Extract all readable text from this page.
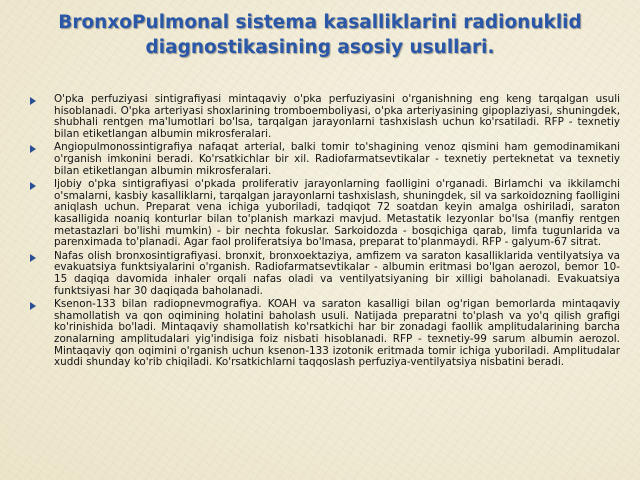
BronxoPulmonal sistema kasalliklarini radionuklid diagnostikasining asosiy usullari.
O'pka perfuziyasi sintigrafiyasi mintaqaviy o'pka perfuziyasini o'rganishning eng keng tarqalgan usuli hisoblanadi. O'pka arteriyasi shoxlarining tromboemboliyasi, o'pka arteriyasining gipoplaziyasi, shuningdek, shubhali rentgen ma'lumotlari bo'lsa, tarqalgan jarayonlarni tashxislash uchun ko'rsatiladi. RFP - texnetiy bilan etiketlangan albumin mikrosferalari.
Angiopulmonossintigrafiya nafaqat arterial, balki tomir to'shagining venoz qismini ham gemodinamikani o'rganish imkonini beradi. Ko'rsatkichlar bir xil. Radiofarmatsevtikalar - texnetiy perteknetat va texnetiy bilan etiketlangan albumin mikrosferalari.
Ijobiy o'pka sintigrafiyasi o'pkada proliferativ jarayonlarning faolligini o'rganadi. Birlamchi va ikkilamchi o'smalarni, kasbiy kasalliklarni, tarqalgan jarayonlarni tashxislash, shuningdek, sil va sarkoidozning faolligini aniqlash uchun. Preparat vena ichiga yuboriladi, tadqiqot 72 soatdan keyin amalga oshiriladi, saraton kasalligida noaniq konturlar bilan to'planish markazi mavjud. Metastatik lezyonlar bo'lsa (manfiy rentgen metastazlari bo'lishi mumkin) - bir nechta fokuslar. Sarkoidozda - bosqichiga qarab, limfa tugunlarida va parenximada to'planadi. Agar faol proliferatsiya bo'lmasa, preparat to'planmaydi. RFP - galyum-67 sitrat.
Nafas olish bronxosintigrafiyasi. bronxit, bronxoektaziya, amfizem va saraton kasalliklarida ventilyatsiya va evakuatsiya funktsiyalarini o'rganish. Radiofarmatsevtikalar - albumin eritmasi bo'lgan aerozol, bemor 10-15 daqiqa davomida inhaler orqali nafas oladi va ventilyatsiyaning bir xilligi baholanadi. Evakuatsiya funktsiyasi har 30 daqiqada baholanadi.
Ksenon-133 bilan radiopnevmografiya. KOAH va saraton kasalligi bilan og'rigan bemorlarda mintaqaviy shamollatish va qon oqimining holatini baholash usuli. Natijada preparatni to'plash va yo'q qilish grafigi ko'rinishida bo'ladi. Mintaqaviy shamollatish ko'rsatkichi har bir zonadagi faollik amplitudalarining barcha zonalarning amplitudalari yig'indisiga foiz nisbati hisoblanadi. RFP - texnetiy-99 sarum albumin aerozol. Mintaqaviy qon oqimini o'rganish uchun ksenon-133 izotonik eritmada tomir ichiga yuboriladi. Amplitudalar xuddi shunday ko'rib chiqiladi. Ko'rsatkichlarni taqqoslash perfuziya-ventilyatsiya nisbatini beradi.
